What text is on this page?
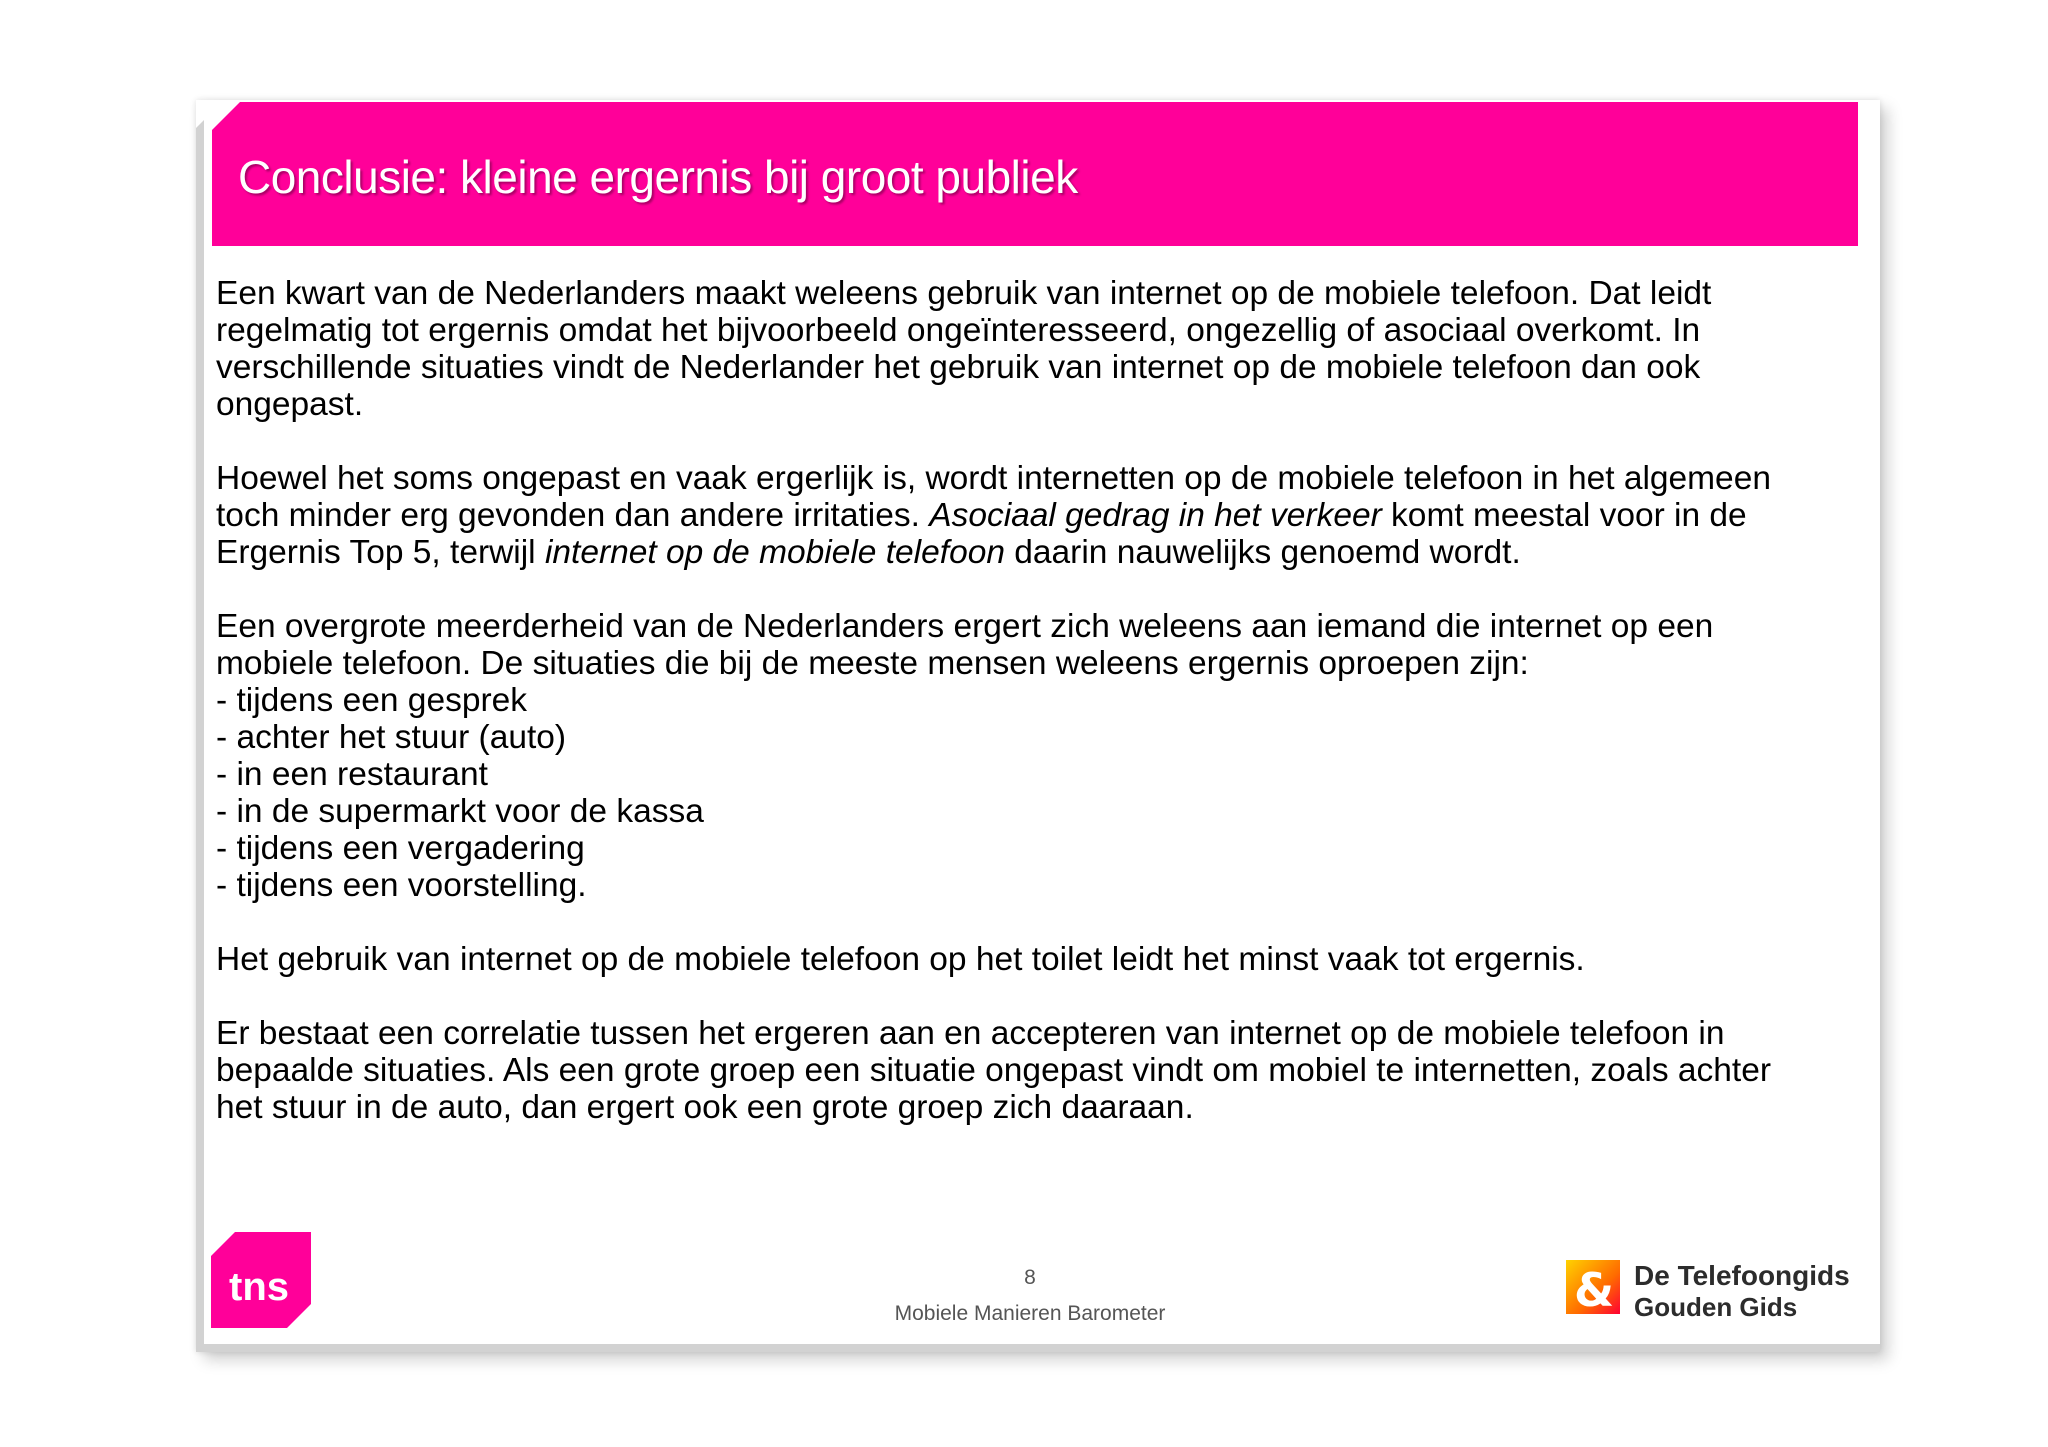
Conclusie: kleine ergernis bij groot publiek

Een kwart van de Nederlanders maakt weleens gebruik van internet op de mobiele telefoon. Dat leidt regelmatig tot ergernis omdat het bijvoorbeeld ongeïnteresseerd, ongezellig of asociaal overkomt. In verschillende situaties vindt de Nederlander het gebruik van internet op de mobiele telefoon dan ook ongepast.

Hoewel het soms ongepast en vaak ergerlijk is, wordt internetten op de mobiele telefoon in het algemeen toch minder erg gevonden dan andere irritaties. Asociaal gedrag in het verkeer komt meestal voor in de Ergernis Top 5, terwijl internet op de mobiele telefoon daarin nauwelijks genoemd wordt.

Een overgrote meerderheid van de Nederlanders ergert zich weleens aan iemand die internet op een mobiele telefoon. De situaties die bij de meeste mensen weleens ergernis oproepen zijn:
- tijdens een gesprek
- achter het stuur (auto)
- in een restaurant
- in de supermarkt voor de kassa
- tijdens een vergadering
- tijdens een voorstelling.

Het gebruik van internet op de mobiele telefoon op het toilet leidt het minst vaak tot ergernis.

Er bestaat een correlatie tussen het ergeren aan en accepteren van internet op de mobiele telefoon in bepaalde situaties. Als een grote groep een situatie ongepast vindt om mobiel te internetten, zoals achter het stuur in de auto, dan ergert ook een grote groep zich daaraan.

tns
TM
8
Mobiele Manieren Barometer	& De Telefoongids
Gouden Gids
